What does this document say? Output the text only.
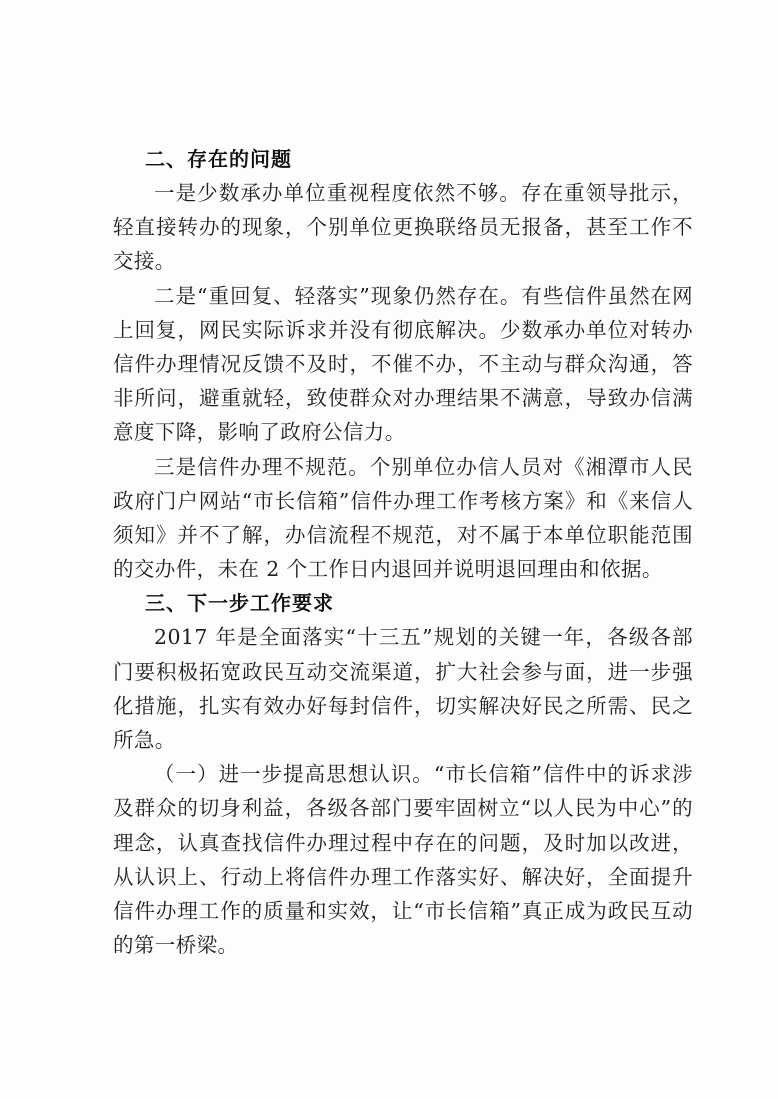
二、存在的问题

一是少数承办单位重视程度依然不够。存在重领导批示，轻直接转办的现象，个别单位更换联络员无报备，甚至工作不交接。

二是“重回复、轻落实”现象仍然存在。有些信件虽然在网上回复，网民实际诉求并没有彻底解决。少数承办单位对转办信件办理情况反馈不及时，不催不办，不主动与群众沟通，答非所问，避重就轻，致使群众对办理结果不满意，导致办信满意度下降，影响了政府公信力。

三是信件办理不规范。个别单位办信人员对《湘潭市人民政府门户网站“市长信箱”信件办理工作考核方案》和《来信人须知》并不了解，办信流程不规范，对不属于本单位职能范围的交办件，未在 2 个工作日内退回并说明退回理由和依据。

三、下一步工作要求

2017 年是全面落实“十三五”规划的关键一年，各级各部门要积极拓宽政民互动交流渠道，扩大社会参与面，进一步强化措施，扎实有效办好每封信件，切实解决好民之所需、民之所急。

（一）进一步提高思想认识。“市长信箱”信件中的诉求涉及群众的切身利益，各级各部门要牢固树立“以人民为中心”的理念，认真查找信件办理过程中存在的问题，及时加以改进，从认识上、行动上将信件办理工作落实好、解决好，全面提升信件办理工作的质量和实效，让“市长信箱”真正成为政民互动的第一桥梁。
